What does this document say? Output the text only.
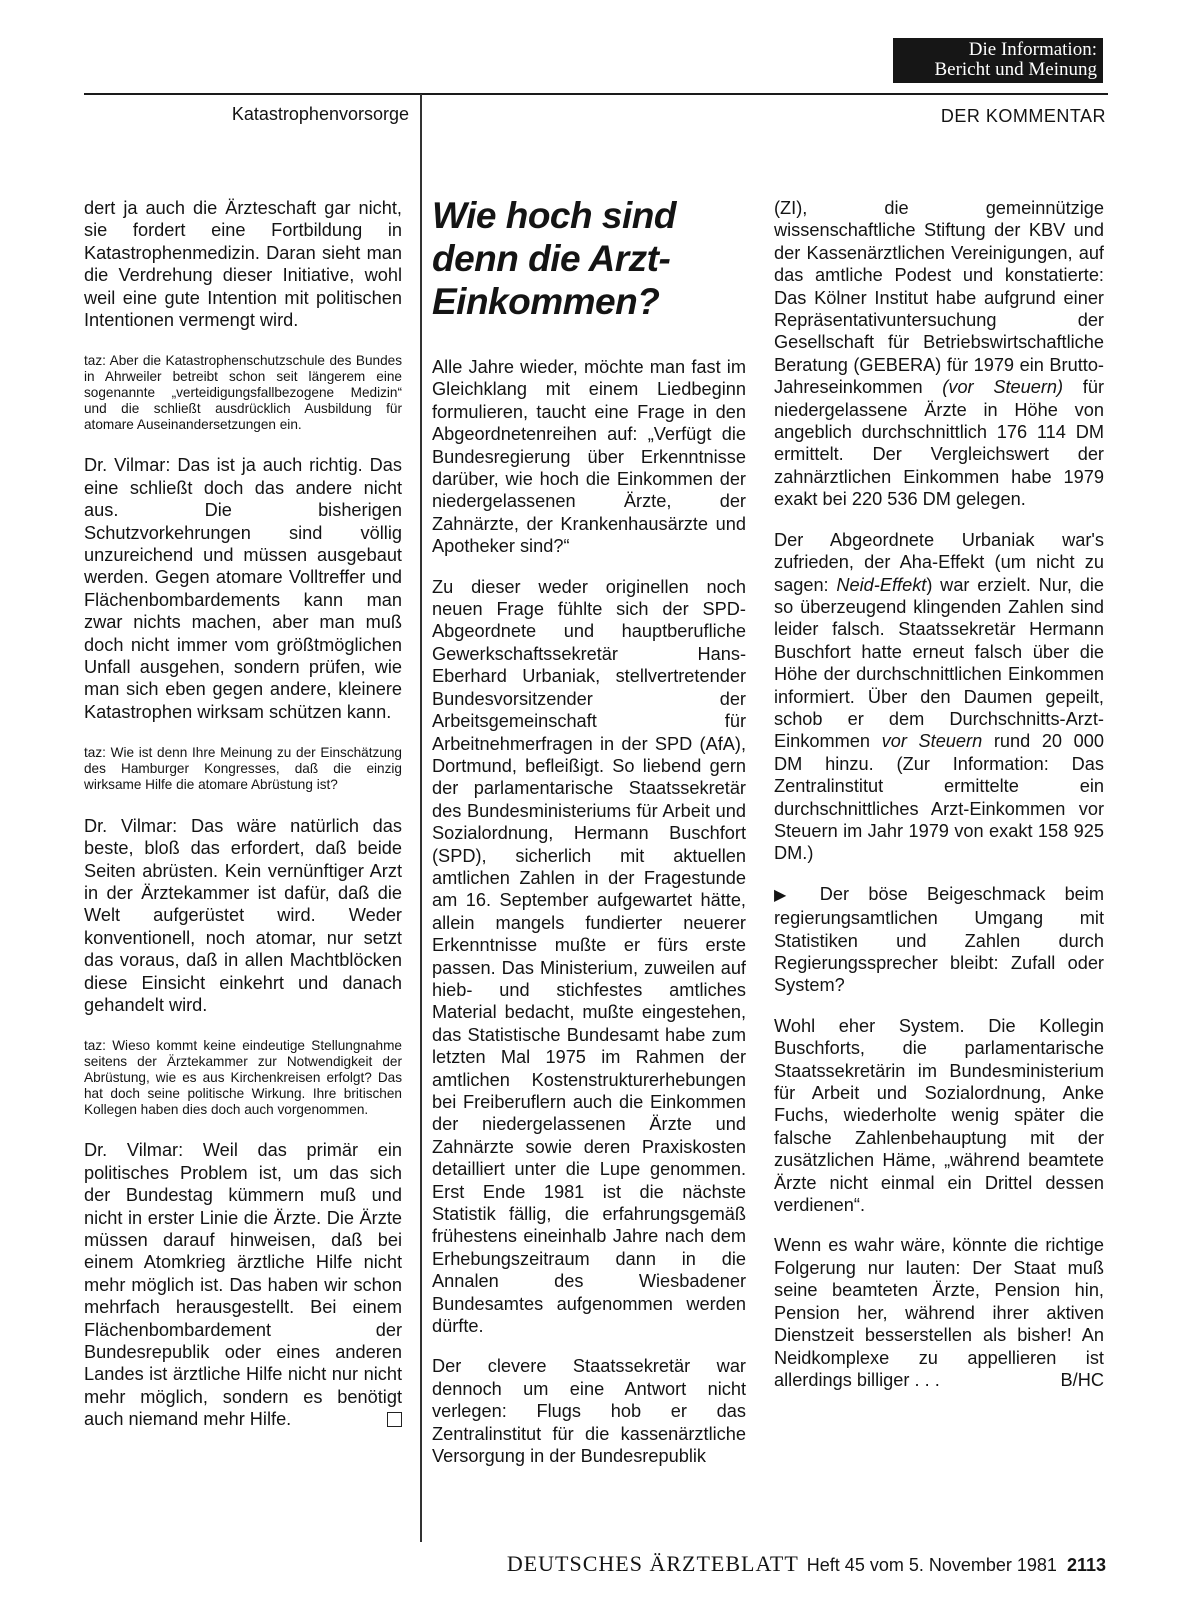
Die Information:
Bericht und Meinung
Katastrophenvorsorge	DER KOMMENTAR

dert ja auch die Ärzteschaft gar nicht, sie fordert eine Fortbildung in Katastrophenmedizin. Daran sieht man die Verdrehung dieser Initiative, wohl weil eine gute Intention mit politischen Intentionen vermengt wird.

taz: Aber die Katastrophenschutzschule des Bundes in Ahrweiler betreibt schon seit längerem eine sogenannte „verteidigungsfallbezogene Medizin“ und die schließt ausdrücklich Ausbildung für atomare Auseinandersetzungen ein.

Dr. Vilmar: Das ist ja auch richtig. Das eine schließt doch das andere nicht aus. Die bisherigen Schutzvorkehrungen sind völlig unzureichend und müssen ausgebaut werden. Gegen atomare Volltreffer und Flächenbombardements kann man zwar nichts machen, aber man muß doch nicht immer vom größtmöglichen Unfall ausgehen, sondern prüfen, wie man sich eben gegen andere, kleinere Katastrophen wirksam schützen kann.

taz: Wie ist denn Ihre Meinung zu der Einschätzung des Hamburger Kongresses, daß die einzig wirksame Hilfe die atomare Abrüstung ist?

Dr. Vilmar: Das wäre natürlich das beste, bloß das erfordert, daß beide Seiten abrüsten. Kein vernünftiger Arzt in der Ärztekammer ist dafür, daß die Welt aufgerüstet wird. Weder konventionell, noch atomar, nur setzt das voraus, daß in allen Machtblöcken diese Einsicht einkehrt und danach gehandelt wird.

taz: Wieso kommt keine eindeutige Stellungnahme seitens der Ärztekammer zur Notwendigkeit der Abrüstung, wie es aus Kirchenkreisen erfolgt? Das hat doch seine politische Wirkung. Ihre britischen Kollegen haben dies doch auch vorgenommen.

Dr. Vilmar: Weil das primär ein politisches Problem ist, um das sich der Bundestag kümmern muß und nicht in erster Linie die Ärzte. Die Ärzte müssen darauf hinweisen, daß bei einem Atomkrieg ärztliche Hilfe nicht mehr möglich ist. Das haben wir schon mehrfach herausgestellt. Bei einem Flächenbombardement der Bundesrepublik oder eines anderen Landes ist ärztliche Hilfe nicht nur nicht mehr möglich, sondern es benötigt auch niemand mehr Hilfe.

Wie hoch sind
denn die Arzt-
Einkommen?

Alle Jahre wieder, möchte man fast im Gleichklang mit einem Liedbeginn formulieren, taucht eine Frage in den Abgeordnetenreihen auf: „Verfügt die Bundesregierung über Erkenntnisse darüber, wie hoch die Einkommen der niedergelassenen Ärzte, der Zahnärzte, der Krankenhausärzte und Apotheker sind?“

Zu dieser weder originellen noch neuen Frage fühlte sich der SPD-Abgeordnete und hauptberufliche Gewerkschaftssekretär Hans-Eberhard Urbaniak, stellvertretender Bundesvorsitzender der Arbeitsgemeinschaft für Arbeitnehmerfragen in der SPD (AfA), Dortmund, befleißigt. So liebend gern der parlamentarische Staatssekretär des Bundesministeriums für Arbeit und Sozialordnung, Hermann Buschfort (SPD), sicherlich mit aktuellen amtlichen Zahlen in der Fragestunde am 16. September aufgewartet hätte, allein mangels fundierter neuerer Erkenntnisse mußte er fürs erste passen. Das Ministerium, zuweilen auf hieb- und stichfestes amtliches Material bedacht, mußte eingestehen, das Statistische Bundesamt habe zum letzten Mal 1975 im Rahmen der amtlichen Kostenstrukturerhebungen bei Freiberuflern auch die Einkommen der niedergelassenen Ärzte und Zahnärzte sowie deren Praxiskosten detailliert unter die Lupe genommen. Erst Ende 1981 ist die nächste Statistik fällig, die erfahrungsgemäß frühestens eineinhalb Jahre nach dem Erhebungszeitraum dann in die Annalen des Wiesbadener Bundesamtes aufgenommen werden dürfte.

Der clevere Staatssekretär war dennoch um eine Antwort nicht verlegen: Flugs hob er das Zentralinstitut für die kassenärztliche Versorgung in der Bundesrepublik

(ZI), die gemeinnützige wissenschaftliche Stiftung der KBV und der Kassenärztlichen Vereinigungen, auf das amtliche Podest und konstatierte: Das Kölner Institut habe aufgrund einer Repräsentativuntersuchung der Gesellschaft für Betriebswirtschaftliche Beratung (GEBERA) für 1979 ein Brutto-Jahreseinkommen (vor Steuern) für niedergelassene Ärzte in Höhe von angeblich durchschnittlich 176 114 DM ermittelt. Der Vergleichswert der zahnärztlichen Einkommen habe 1979 exakt bei 220 536 DM gelegen.

Der Abgeordnete Urbaniak war's zufrieden, der Aha-Effekt (um nicht zu sagen: Neid-Effekt) war erzielt. Nur, die so überzeugend klingenden Zahlen sind leider falsch. Staatssekretär Hermann Buschfort hatte erneut falsch über die Höhe der durchschnittlichen Einkommen informiert. Über den Daumen gepeilt, schob er dem Durchschnitts-Arzt-Einkommen vor Steuern rund 20 000 DM hinzu. (Zur Information: Das Zentralinstitut ermittelte ein durchschnittliches Arzt-Einkommen vor Steuern im Jahr 1979 von exakt 158 925 DM.)

▶ Der böse Beigeschmack beim regierungsamtlichen Umgang mit Statistiken und Zahlen durch Regierungssprecher bleibt: Zufall oder System?

Wohl eher System. Die Kollegin Buschforts, die parlamentarische Staatssekretärin im Bundesministerium für Arbeit und Sozialordnung, Anke Fuchs, wiederholte wenig später die falsche Zahlenbehauptung mit der zusätzlichen Häme, „während beamtete Ärzte nicht einmal ein Drittel dessen verdienen“.

Wenn es wahr wäre, könnte die richtige Folgerung nur lauten: Der Staat muß seine beamteten Ärzte, Pension hin, Pension her, während ihrer aktiven Dienstzeit besserstellen als bisher! An Neidkomplexe zu appellieren ist allerdings billiger . . .	B/HC

DEUTSCHES ÄRZTEBLATT Heft 45 vom 5. November 1981 2113
